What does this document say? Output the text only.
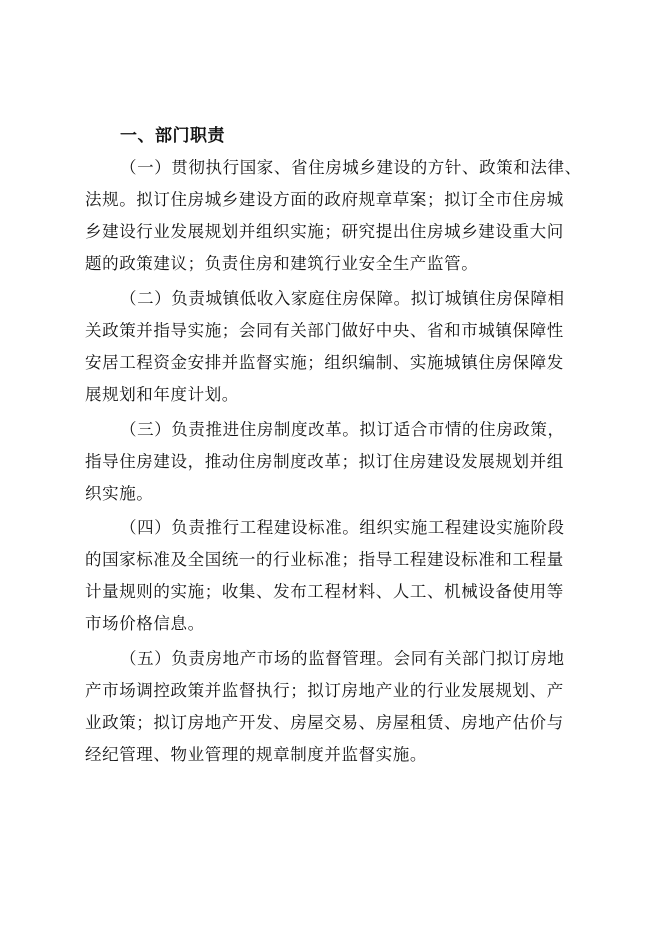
一、部门职责
（一）贯彻执行国家、省住房城乡建设的方针、政策和法律、
法规。拟订住房城乡建设方面的政府规章草案；拟订全市住房城
乡建设行业发展规划并组织实施；研究提出住房城乡建设重大问
题的政策建议；负责住房和建筑行业安全生产监管。
（二）负责城镇低收入家庭住房保障。拟订城镇住房保障相
关政策并指导实施；会同有关部门做好中央、省和市城镇保障性
安居工程资金安排并监督实施；组织编制、实施城镇住房保障发
展规划和年度计划。
（三）负责推进住房制度改革。拟订适合市情的住房政策，
指导住房建设，推动住房制度改革；拟订住房建设发展规划并组
织实施。
（四）负责推行工程建设标准。组织实施工程建设实施阶段
的国家标准及全国统一的行业标准；指导工程建设标准和工程量
计量规则的实施；收集、发布工程材料、人工、机械设备使用等
市场价格信息。
（五）负责房地产市场的监督管理。会同有关部门拟订房地
产市场调控政策并监督执行；拟订房地产业的行业发展规划、产
业政策；拟订房地产开发、房屋交易、房屋租赁、房地产估价与
经纪管理、物业管理的规章制度并监督实施。
